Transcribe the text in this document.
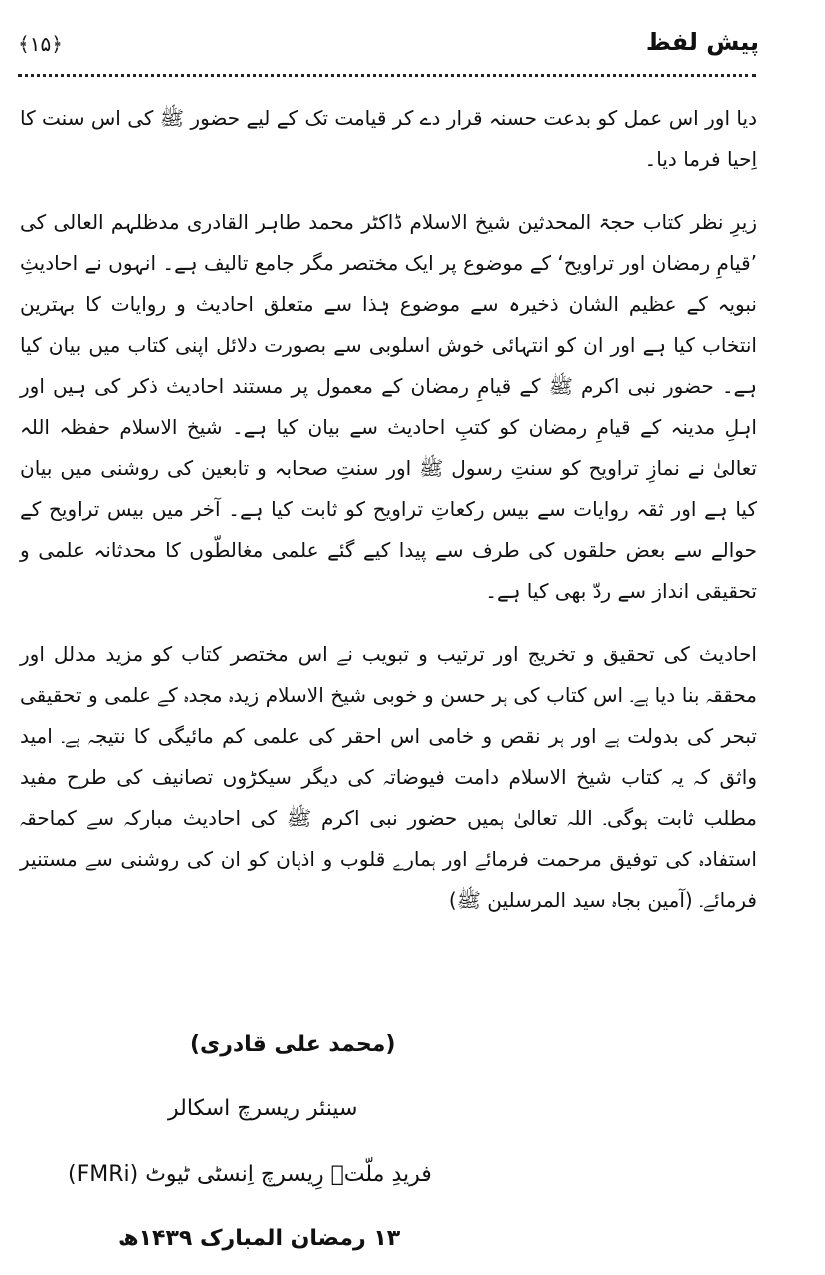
﴾۱۵﴿	پیش لفظ

دیا اور اس عمل کو بدعت حسنہ قرار دے کر قیامت تک کے لیے حضور ﷺ کی اس سنت کا اِحیا فرما دیا۔

زیرِ نظر کتاب حجۃ المحدثین شیخ الاسلام ڈاکٹر محمد طاہر القادری مدظلہم العالی کی ’قیامِ رمضان اور تراویح‘ کے موضوع پر ایک مختصر مگر جامع تالیف ہے۔ انہوں نے احادیثِ نبویہ کے عظیم الشان ذخیرہ سے موضوع ہٰذا سے متعلق احادیث و روایات کا بہترین انتخاب کیا ہے اور ان کو انتہائی خوش اسلوبی سے بصورت دلائل اپنی کتاب میں بیان کیا ہے۔ حضور نبی اکرم ﷺ کے قیامِ رمضان کے معمول پر مستند احادیث ذکر کی ہیں اور اہلِ مدینہ کے قیامِ رمضان کو کتبِ احادیث سے بیان کیا ہے۔ شیخ الاسلام حفظہ اللہ تعالیٰ نے نمازِ تراویح کو سنتِ رسول ﷺ اور سنتِ صحابہ و تابعین کی روشنی میں بیان کیا ہے اور ثقہ روایات سے بیس رکعاتِ تراویح کو ثابت کیا ہے۔ آخر میں بیس تراویح کے حوالے سے بعض حلقوں کی طرف سے پیدا کیے گئے علمی مغالطّوں کا محدثانہ علمی و تحقیقی انداز سے ردّ بھی کیا ہے۔

احادیث کی تحقیق و تخریج اور ترتیب و تبویب نے اس مختصر کتاب کو مزید مدلل اور محققہ بنا دیا ہے۔ اس کتاب کی ہر حسن و خوبی شیخ الاسلام زیدہ مجدہ کے علمی و تحقیقی تبحر کی بدولت ہے اور ہر نقص و خامی اس احقر کی علمی کم مائیگی کا نتیجہ ہے۔ امید واثق کہ یہ کتاب شیخ الاسلام دامت فیوضاتہ کی دیگر سیکڑوں تصانیف کی طرح مفید مطلب ثابت ہوگی۔ اللہ تعالیٰ ہمیں حضور نبی اکرم ﷺ کی احادیث مبارکہ سے کماحقہ استفادہ کی توفیق مرحمت فرمائے اور ہمارے قلوب و اذہان کو ان کی روشنی سے مستنیر فرمائے۔ (آمین بجاہ سید المرسلین ﷺ)

(محمد علی قادری)
سینئر ریسرچ اسکالر
فریدِ ملّتؒ رِیسرچ اِنسٹی ٹیوٹ (FMRi)
۱۳ رمضان المبارک ۱۴۳۹ھ
